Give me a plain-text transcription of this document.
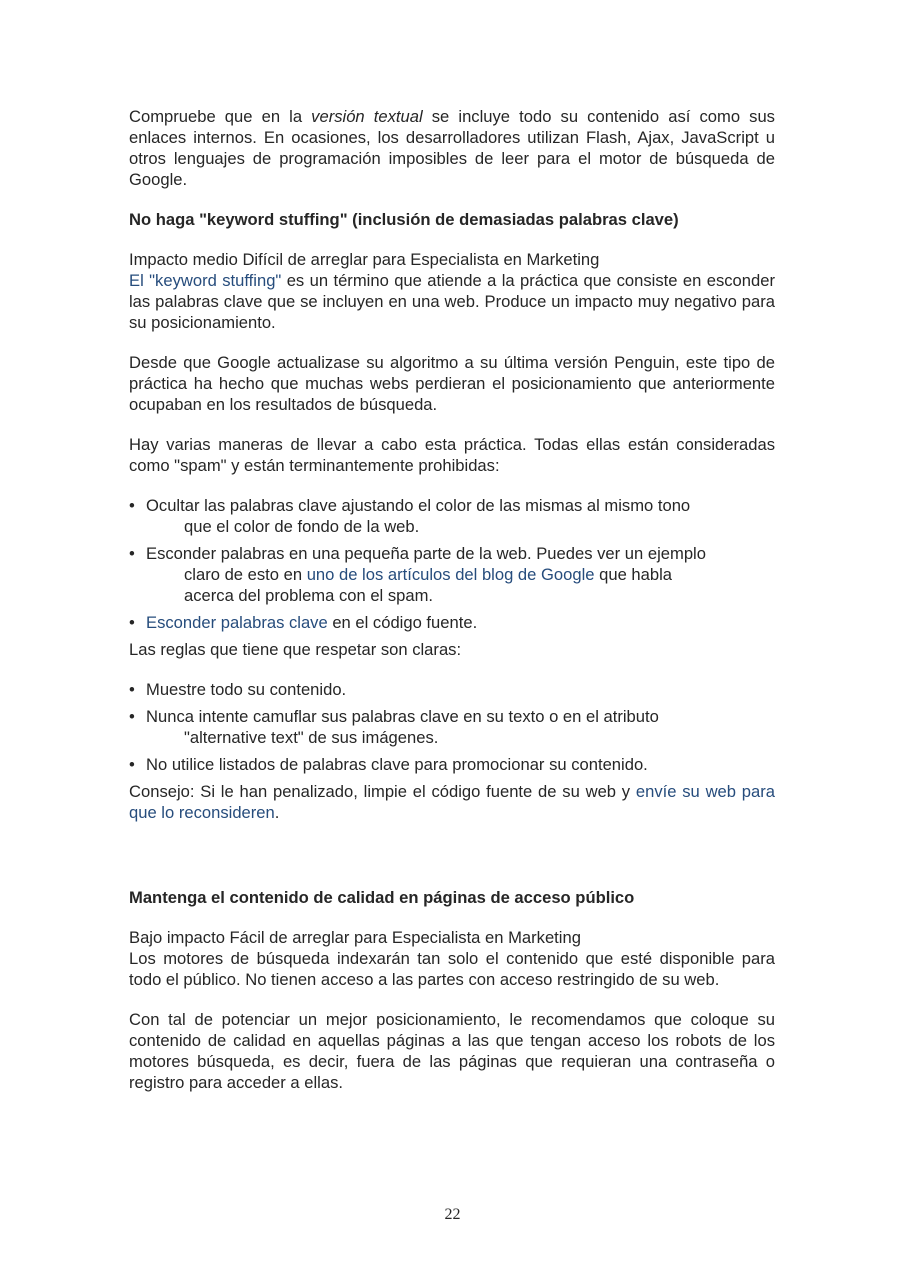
Compruebe que en la versión textual se incluye todo su contenido así como sus enlaces internos. En ocasiones, los desarrolladores utilizan Flash, Ajax, JavaScript u otros lenguajes de programación imposibles de leer para el motor de búsqueda de Google.

No haga "keyword stuffing" (inclusión de demasiadas palabras clave)

Impacto medio Difícil de arreglar para Especialista en Marketing

El "keyword stuffing" es un término que atiende a la práctica que consiste en esconder las palabras clave que se incluyen en una web. Produce un impacto muy negativo para su posicionamiento.

Desde que Google actualizase su algoritmo a su última versión Penguin, este tipo de práctica ha hecho que muchas webs perdieran el posicionamiento que anteriormente ocupaban en los resultados de búsqueda.

Hay varias maneras de llevar a cabo esta práctica. Todas ellas están consideradas como "spam" y están terminantemente prohibidas:

• Ocultar las palabras clave ajustando el color de las mismas al mismo tono
que el color de fondo de la web.
• Esconder palabras en una pequeña parte de la web. Puedes ver un ejemplo
claro de esto en uno de los artículos del blog de Google que habla
acerca del problema con el spam.
• Esconder palabras clave en el código fuente.

Las reglas que tiene que respetar son claras:

• Muestre todo su contenido.
• Nunca intente camuflar sus palabras clave en su texto o en el atributo
"alternative text" de sus imágenes.
• No utilice listados de palabras clave para promocionar su contenido.

Consejo: Si le han penalizado, limpie el código fuente de su web y envíe su web para que lo reconsideren.

Mantenga el contenido de calidad en páginas de acceso público

Bajo impacto Fácil de arreglar para Especialista en Marketing

Los motores de búsqueda indexarán tan solo el contenido que esté disponible para todo el público. No tienen acceso a las partes con acceso restringido de su web.

Con tal de potenciar un mejor posicionamiento, le recomendamos que coloque su contenido de calidad en aquellas páginas a las que tengan acceso los robots de los motores búsqueda, es decir, fuera de las páginas que requieran una contraseña o registro para acceder a ellas.

22
